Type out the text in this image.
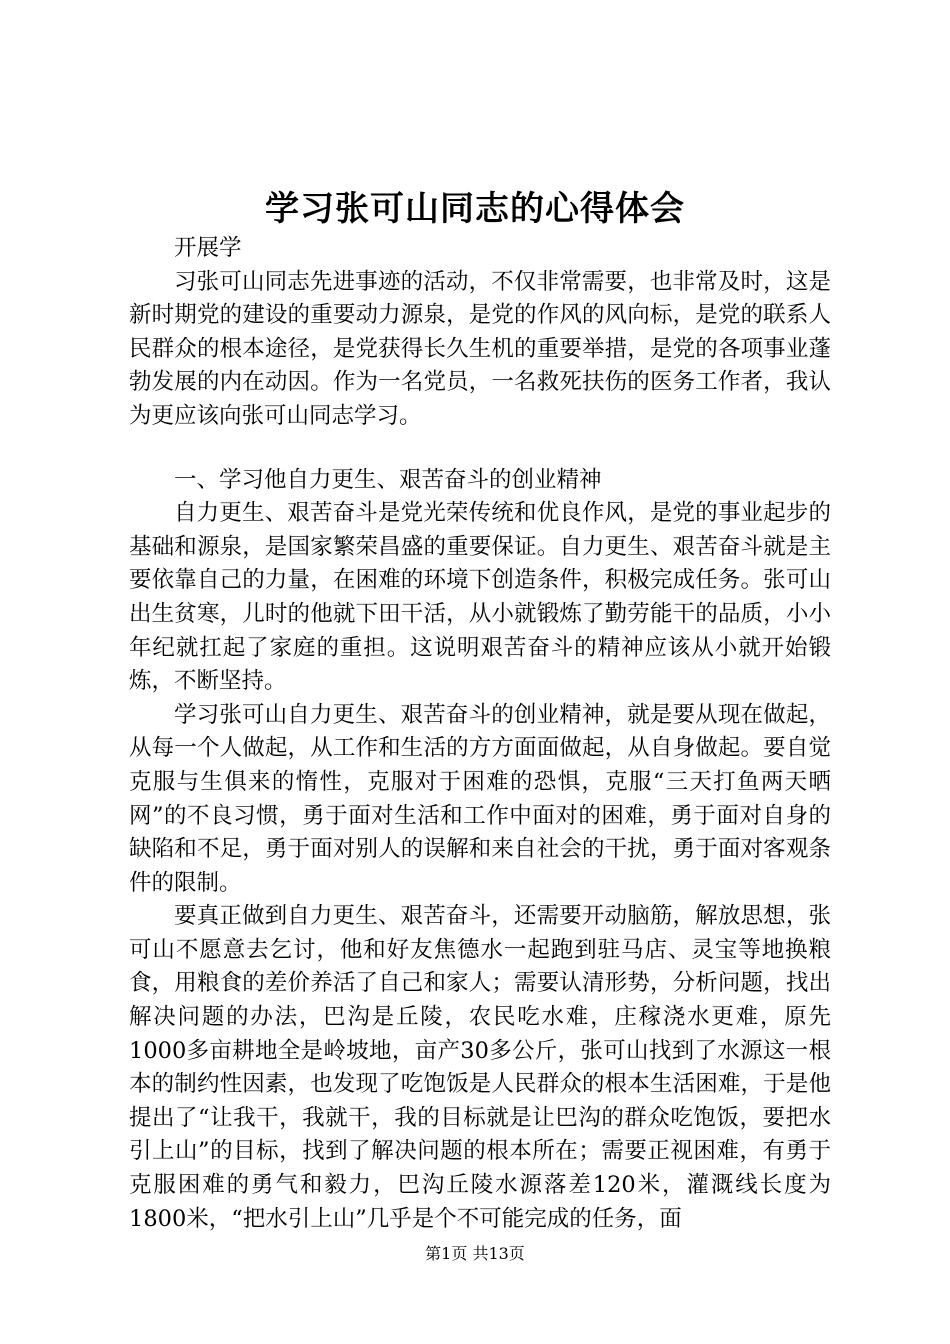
学习张可山同志的心得体会

开展学

习张可山同志先进事迹的活动，不仅非常需要，也非常及时，这是新时期党的建设的重要动力源泉，是党的作风的风向标，是党的联系人民群众的根本途径，是党获得长久生机的重要举措，是党的各项事业蓬勃发展的内在动因。作为一名党员，一名救死扶伤的医务工作者，我认为更应该向张可山同志学习。

一、学习他自力更生、艰苦奋斗的创业精神

自力更生、艰苦奋斗是党光荣传统和优良作风，是党的事业起步的基础和源泉，是国家繁荣昌盛的重要保证。自力更生、艰苦奋斗就是主要依靠自己的力量，在困难的环境下创造条件，积极完成任务。张可山出生贫寒，儿时的他就下田干活，从小就锻炼了勤劳能干的品质，小小年纪就扛起了家庭的重担。这说明艰苦奋斗的精神应该从小就开始锻炼，不断坚持。

学习张可山自力更生、艰苦奋斗的创业精神，就是要从现在做起，从每一个人做起，从工作和生活的方方面面做起，从自身做起。要自觉克服与生俱来的惰性，克服对于困难的恐惧，克服“三天打鱼两天晒网”的不良习惯，勇于面对生活和工作中面对的困难，勇于面对自身的缺陷和不足，勇于面对别人的误解和来自社会的干扰，勇于面对客观条件的限制。

要真正做到自力更生、艰苦奋斗，还需要开动脑筋，解放思想，张可山不愿意去乞讨，他和好友焦德水一起跑到驻马店、灵宝等地换粮食，用粮食的差价养活了自己和家人；需要认清形势，分析问题，找出解决问题的办法，巴沟是丘陵，农民吃水难，庄稼浇水更难，原先1000多亩耕地全是岭坡地，亩产30多公斤，张可山找到了水源这一根本的制约性因素，也发现了吃饱饭是人民群众的根本生活困难，于是他提出了“让我干，我就干，我的目标就是让巴沟的群众吃饱饭，要把水引上山”的目标，找到了解决问题的根本所在；需要正视困难，有勇于克服困难的勇气和毅力，巴沟丘陵水源落差120米，灌溉线长度为1800米，“把水引上山”几乎是个不可能完成的任务，面

第1页 共13页
